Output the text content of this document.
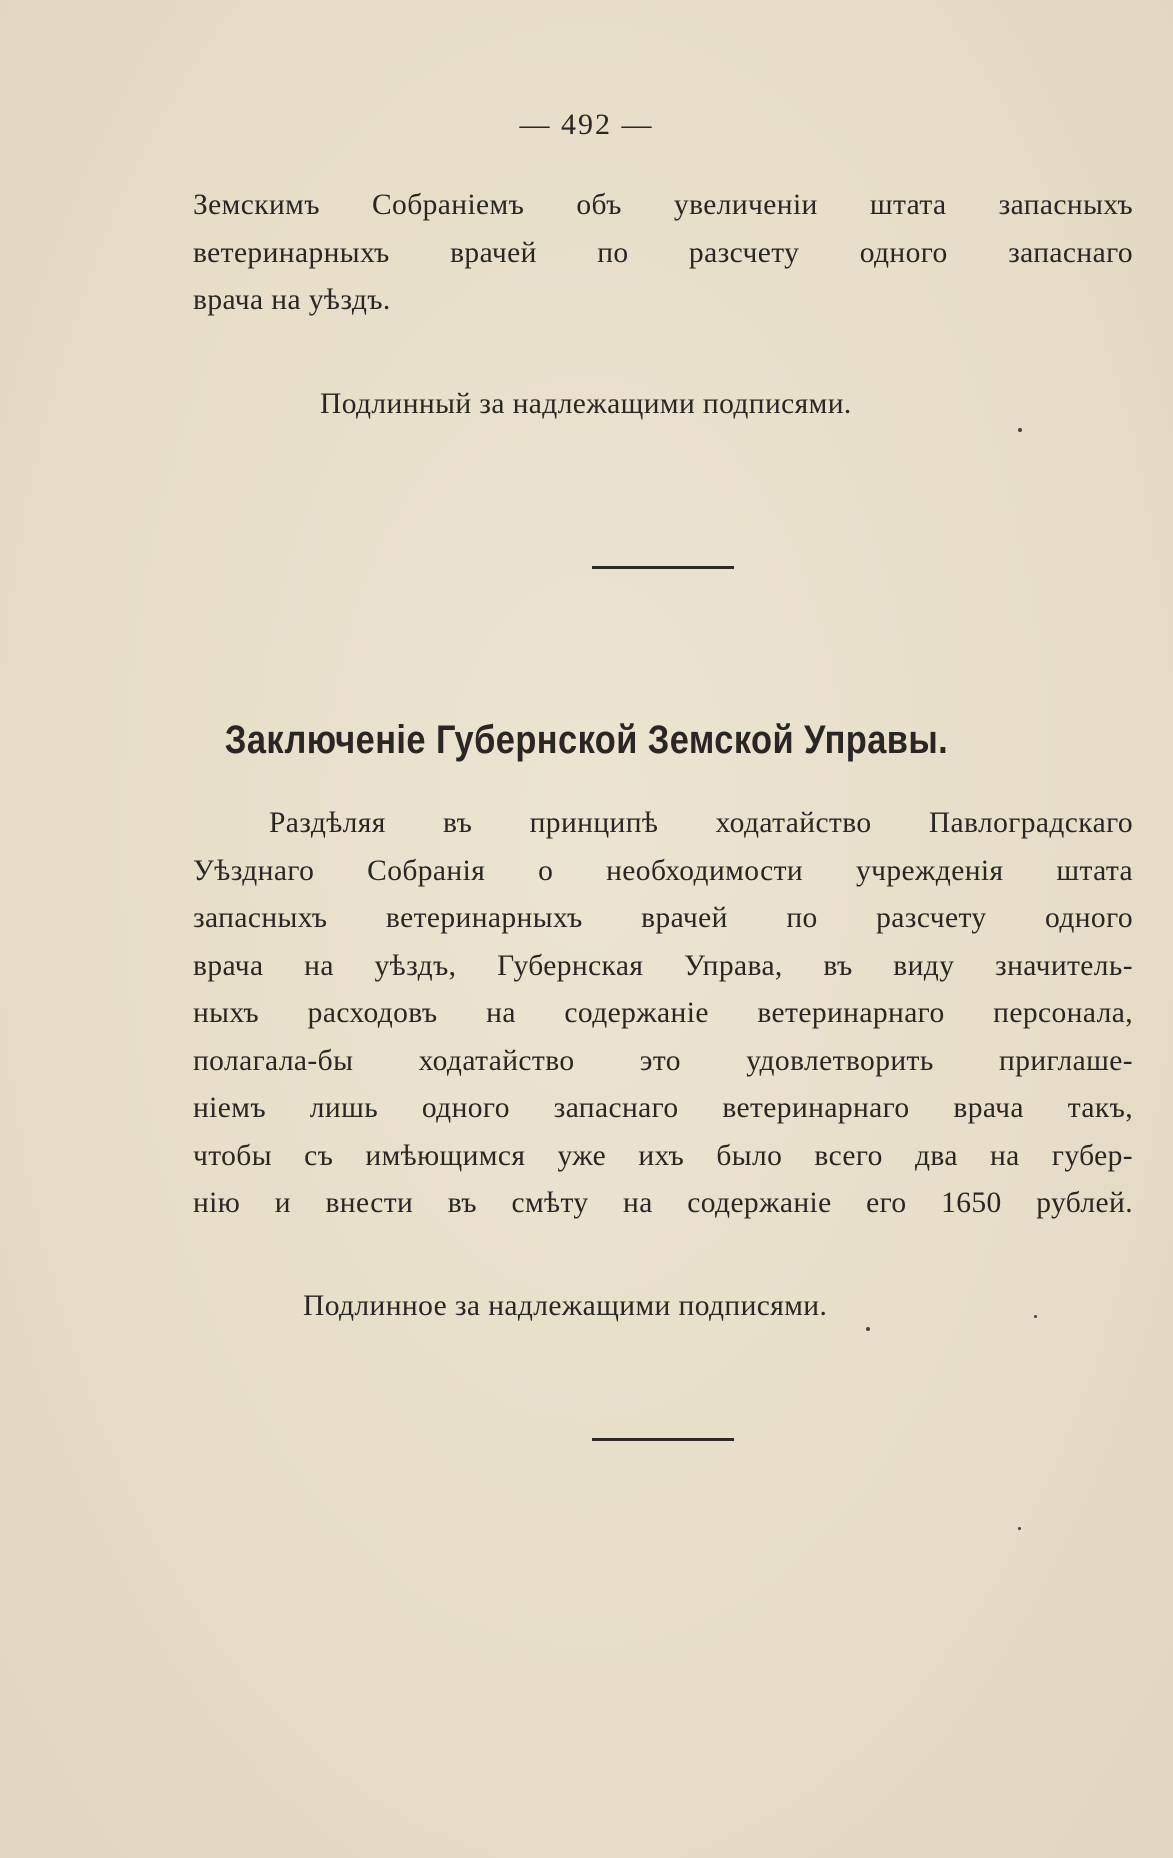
— 492 —
Земскимъ Собраніемъ объ увеличеніи штата запасныхъ
ветеринарныхъ врачей по разсчету одного запаснаго
врача на уѣздъ.
Подлинный за надлежащими подписями.
Заключеніе Губернской Земской Управы.
Раздѣляя въ принципѣ ходатайство Павлоградскаго
Уѣзднаго Собранія о необходимости учрежденія штата
запасныхъ ветеринарныхъ врачей по разсчету одного
врача на уѣздъ, Губернская Управа, въ виду значитель-
ныхъ расходовъ на содержаніе ветеринарнаго персонала,
полагала-бы ходатайство это удовлетворить приглаше-
ніемъ лишь одного запаснаго ветеринарнаго врача такъ,
чтобы съ имѣющимся уже ихъ было всего два на губер-
нію и внести въ смѣту на содержаніе его 1650 рублей.
Подлинное за надлежащими подписями.
